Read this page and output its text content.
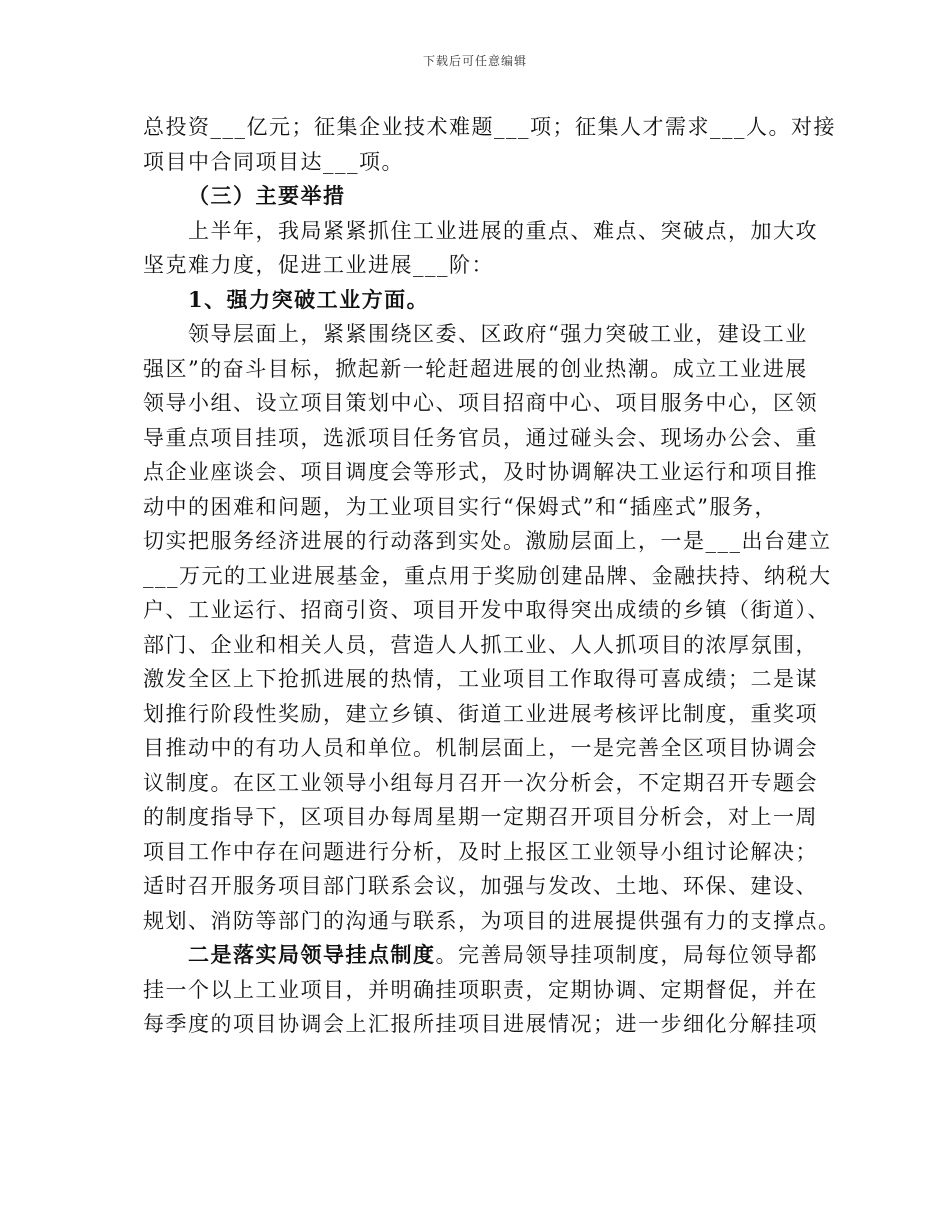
下载后可任意编辑
总投资___亿元；征集企业技术难题___项；征集人才需求___人。对接
项目中合同项目达___项。
（三）主要举措
上半年，我局紧紧抓住工业进展的重点、难点、突破点，加大攻
坚克难力度，促进工业进展___阶：
1、强力突破工业方面。
领导层面上，紧紧围绕区委、区政府“强力突破工业，建设工业
强区”的奋斗目标，掀起新一轮赶超进展的创业热潮。成立工业进展
领导小组、设立项目策划中心、项目招商中心、项目服务中心，区领
导重点项目挂项，选派项目任务官员，通过碰头会、现场办公会、重
点企业座谈会、项目调度会等形式，及时协调解决工业运行和项目推
动中的困难和问题，为工业项目实行“保姆式”和“插座式”服务，
切实把服务经济进展的行动落到实处。激励层面上，一是___出台建立
___万元的工业进展基金，重点用于奖励创建品牌、金融扶持、纳税大
户、工业运行、招商引资、项目开发中取得突出成绩的乡镇（街道）、
部门、企业和相关人员，营造人人抓工业、人人抓项目的浓厚氛围，
激发全区上下抢抓进展的热情，工业项目工作取得可喜成绩；二是谋
划推行阶段性奖励，建立乡镇、街道工业进展考核评比制度，重奖项
目推动中的有功人员和单位。机制层面上，一是完善全区项目协调会
议制度。在区工业领导小组每月召开一次分析会，不定期召开专题会
的制度指导下，区项目办每周星期一定期召开项目分析会，对上一周
项目工作中存在问题进行分析，及时上报区工业领导小组讨论解决；
适时召开服务项目部门联系会议，加强与发改、土地、环保、建设、
规划、消防等部门的沟通与联系，为项目的进展提供强有力的支撑点。
二是落实局领导挂点制度。完善局领导挂项制度，局每位领导都
挂一个以上工业项目，并明确挂项职责，定期协调、定期督促，并在
每季度的项目协调会上汇报所挂项目进展情况；进一步细化分解挂项
